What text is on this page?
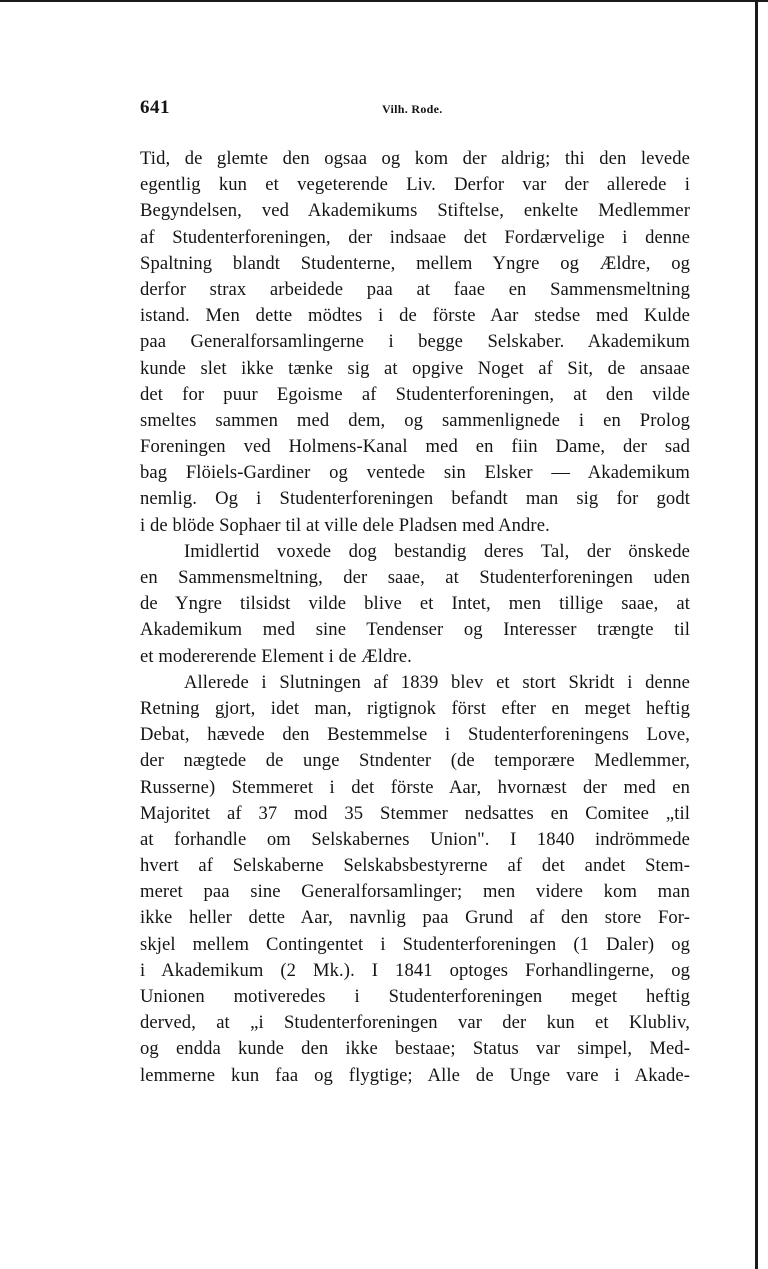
641	Vilh. Rode.
Tid, de glemte den ogsaa og kom der aldrig; thi den levede
egentlig kun et vegeterende Liv. Derfor var der allerede i
Begyndelsen, ved Akademikums Stiftelse, enkelte Medlemmer
af Studenterforeningen, der indsaae det Fordærvelige i denne
Spaltning blandt Studenterne, mellem Yngre og Ældre, og
derfor strax arbeidede paa at faae en Sammensmeltning
istand. Men dette mödtes i de förste Aar stedse med Kulde
paa Generalforsamlingerne i begge Selskaber. Akademikum
kunde slet ikke tænke sig at opgive Noget af Sit, de ansaae
det for puur Egoisme af Studenterforeningen, at den vilde
smeltes sammen med dem, og sammenlignede i en Prolog
Foreningen ved Holmens-Kanal med en fiin Dame, der sad
bag Flöiels-Gardiner og ventede sin Elsker — Akademikum
nemlig. Og i Studenterforeningen befandt man sig for godt
i de blöde Sophaer til at ville dele Pladsen med Andre.
Imidlertid voxede dog bestandig deres Tal, der önskede
en Sammensmeltning, der saae, at Studenterforeningen uden
de Yngre tilsidst vilde blive et Intet, men tillige saae, at
Akademikum med sine Tendenser og Interesser trængte til
et modererende Element i de Ældre.
Allerede i Slutningen af 1839 blev et stort Skridt i denne
Retning gjort, idet man, rigtignok först efter en meget heftig
Debat, hævede den Bestemmelse i Studenterforeningens Love,
der nægtede de unge Stndenter (de temporære Medlemmer,
Russerne) Stemmeret i det förste Aar, hvornæst der med en
Majoritet af 37 mod 35 Stemmer nedsattes en Comitee „til
at forhandle om Selskabernes Union". I 1840 indrömmede
hvert af Selskaberne Selskabsbestyrerne af det andet Stem-
meret paa sine Generalforsamlinger; men videre kom man
ikke heller dette Aar, navnlig paa Grund af den store For-
skjel mellem Contingentet i Studenterforeningen (1 Daler) og
i Akademikum (2 Mk.). I 1841 optoges Forhandlingerne, og
Unionen motiveredes i Studenterforeningen meget heftig
derved, at „i Studenterforeningen var der kun et Klubliv,
og endda kunde den ikke bestaae; Status var simpel, Med-
lemmerne kun faa og flygtige; Alle de Unge vare i Akade-
